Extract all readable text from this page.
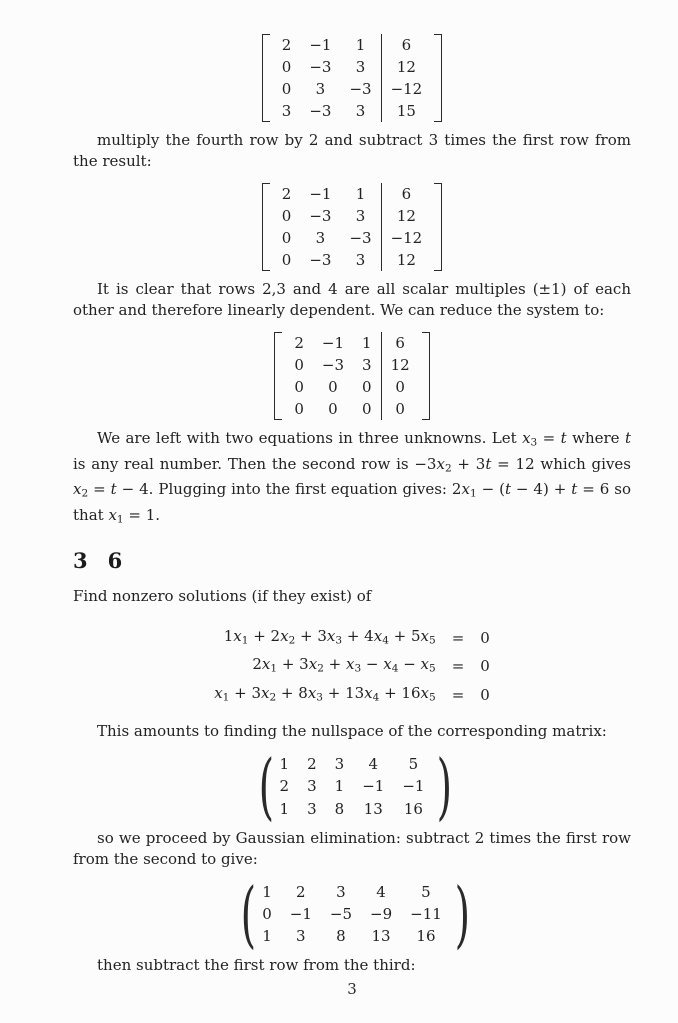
2	−1	1	6
0	−3	3	12
0	3	−3	−12
3	−3	3	15

multiply the fourth row by 2 and subtract 3 times the first row from the result:

2	−1	1	6
0	−3	3	12
0	3	−3	−12
0	−3	3	12

It is clear that rows 2,3 and 4 are all scalar multiples (±1) of each other and therefore linearly dependent. We can reduce the system to:

2	−1	1	6
0	−3	3	12
0	0	0	0
0	0	0	0

We are left with two equations in three unknowns. Let $x_3 = t$ where t is any real number. Then the second row is $-3x_2 + 3t = 12$ which gives $x_2 = t - 4$. Plugging into the first equation gives: $2x_1 - (t - 4) + t = 6$ so that $x_1 = 1$.

3 6

Find nonzero solutions (if they exist) of

$1x_1 + 2x_2 + 3x_3 + 4x_4 + 5x_5$	=	0
$2x_1 + 3x_2 + x_3 - x_4 - x_5$	=	0
$x_1 + 3x_2 + 8x_3 + 13x_4 + 16x_5$	=	0

This amounts to finding the nullspace of the corresponding matrix:

( 1	2	3	4	5
2	3	1	−1	−1
1	3	8	13	16 )

so we proceed by Gaussian elimination: subtract 2 times the first row from the second to give:

( 1	2	3	4	5
0	−1	−5	−9	−11
1	3	8	13	16 )

then subtract the first row from the third:

3
